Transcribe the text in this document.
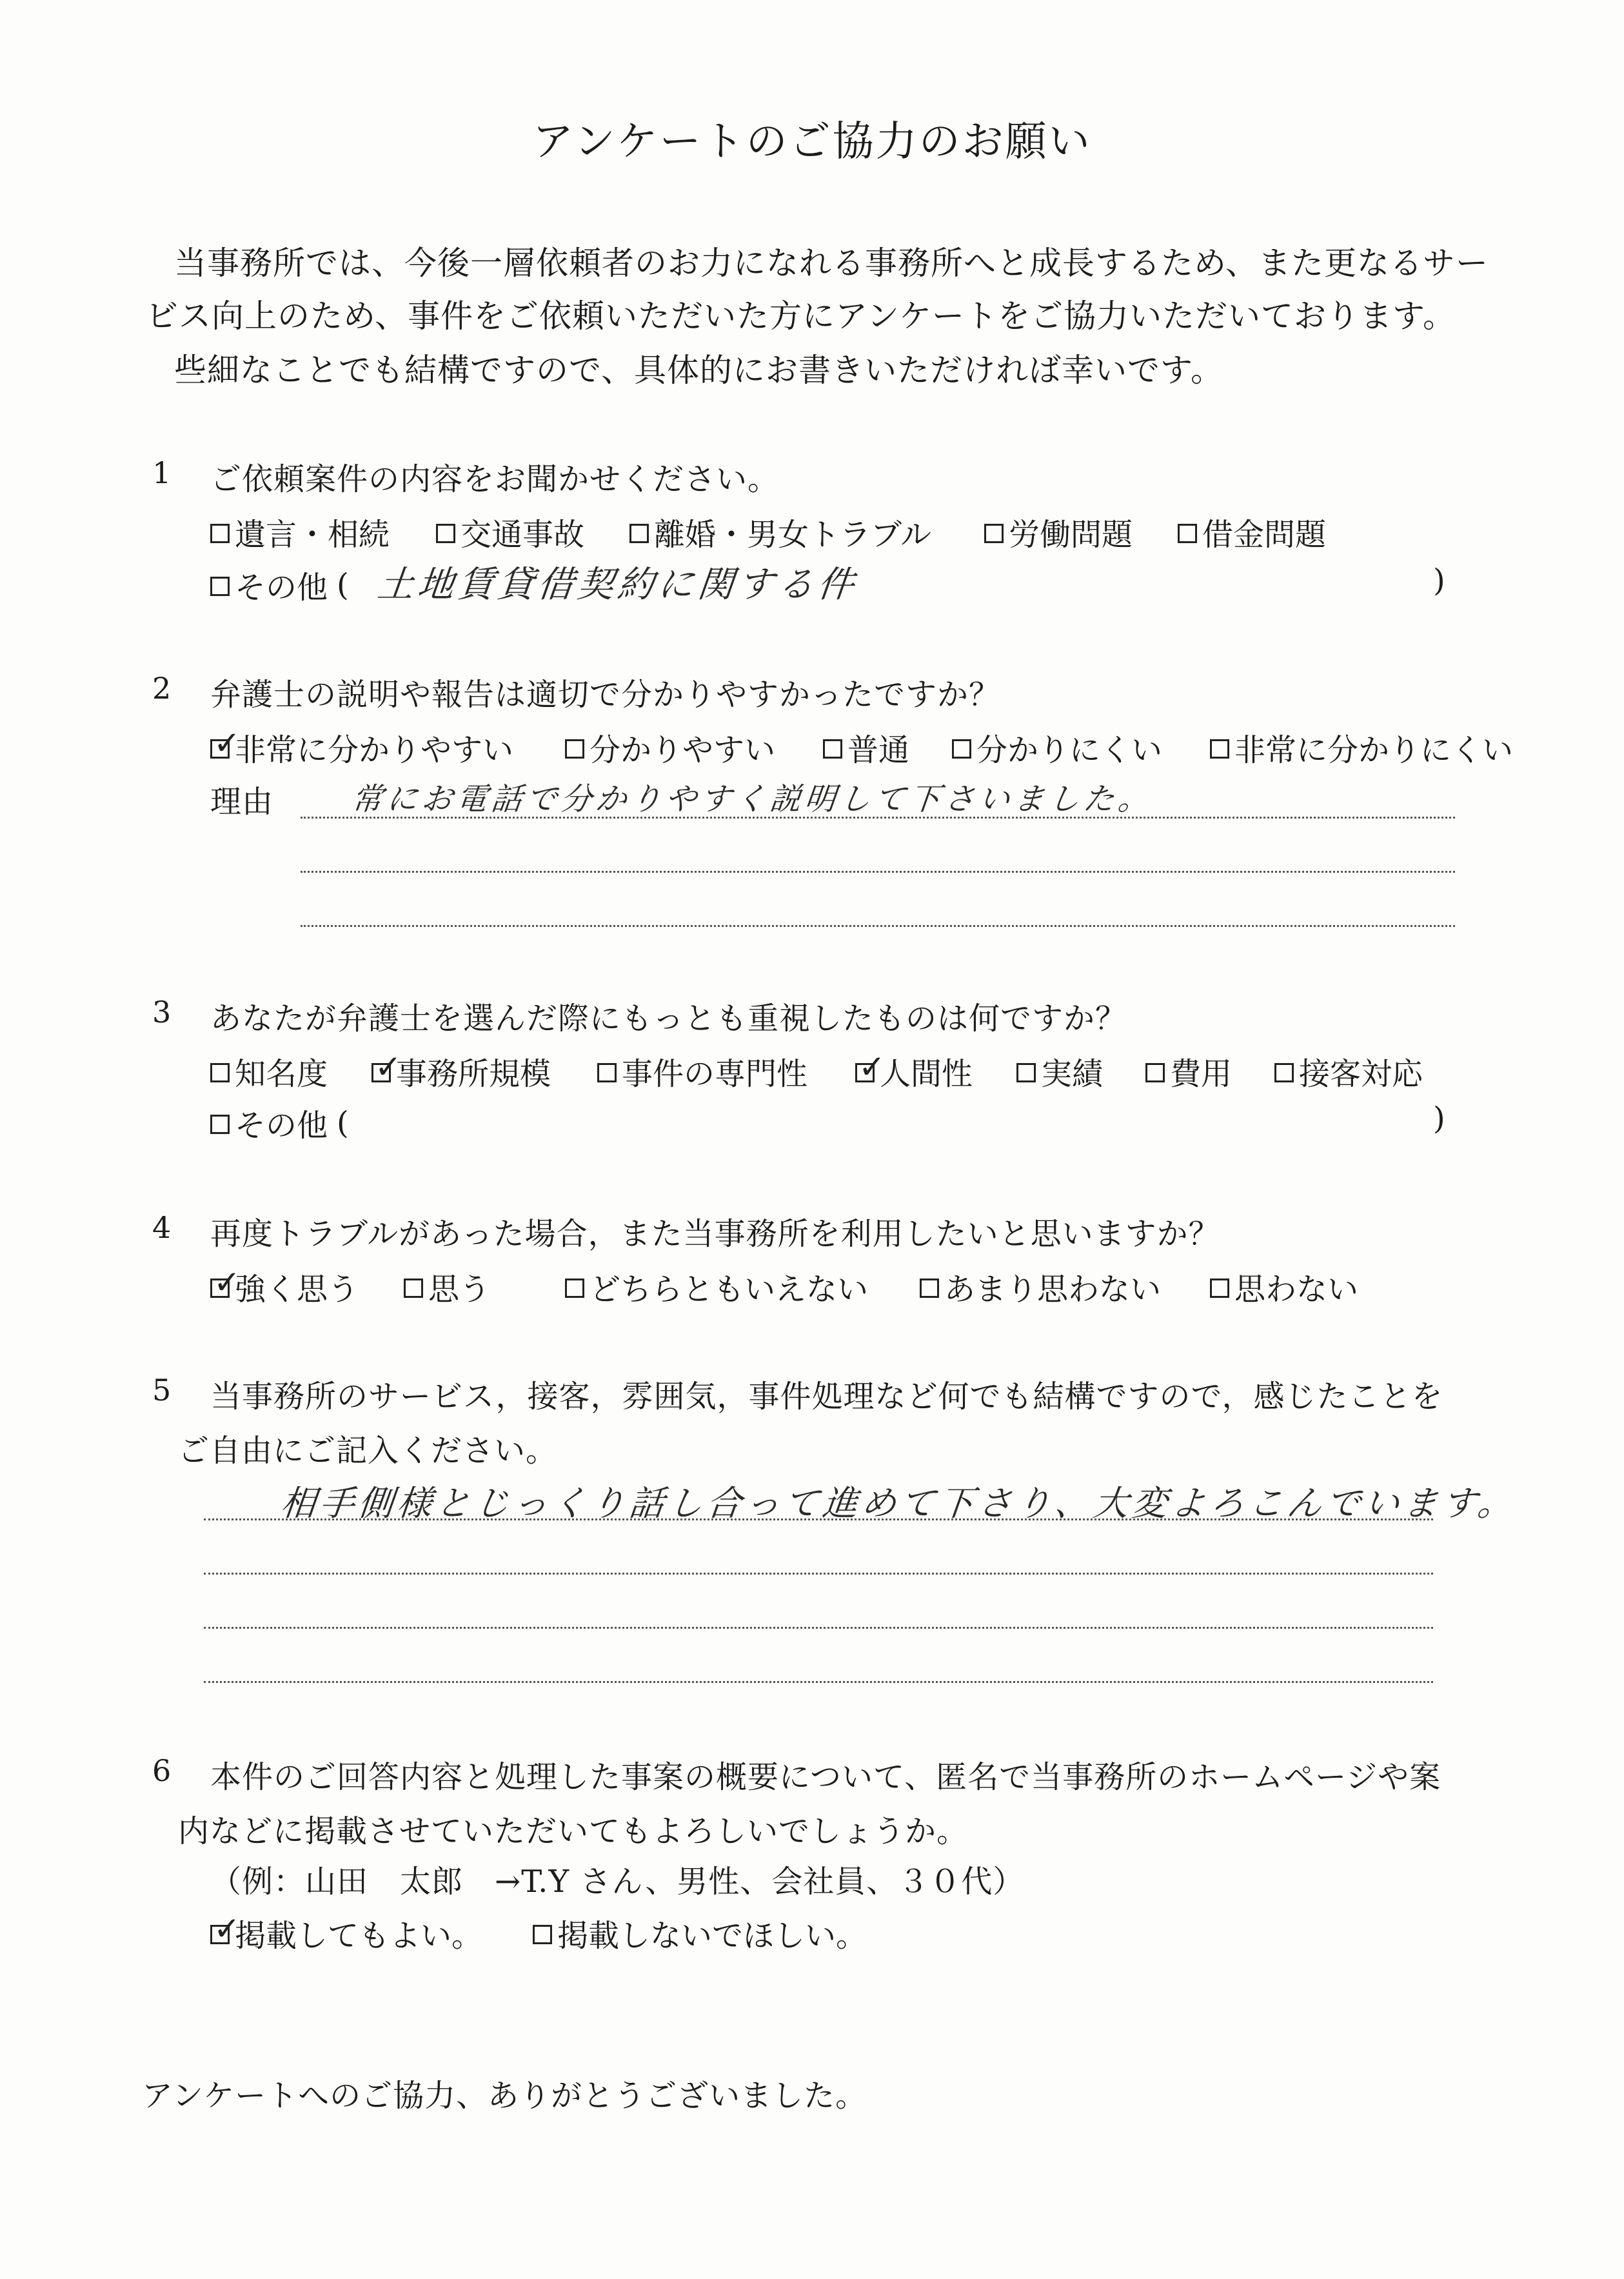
アンケートのご協力のお願い
当事務所では、今後一層依頼者のお力になれる事務所へと成長するため、また更なるサー
ビス向上のため、事件をご依頼いただいた方にアンケートをご協力いただいております。
些細なことでも結構ですので、具体的にお書きいただければ幸いです。
1 ご依頼案件の内容をお聞かせください。
遺言・相続 交通事故 離婚・男女トラブル 労働問題 借金問題
その他 ( 土地賃貸借契約に関する件	)
2 弁護士の説明や報告は適切で分かりやすかったですか？
✓
非常に分かりやすい 分かりやすい 普通 分かりにくい 非常に分かりにくい
理由 常にお電話で分かりやすく説明して下さいました。
3 あなたが弁護士を選んだ際にもっとも重視したものは何ですか？
知名度 ✓
事務所規模 事件の専門性 ✓
人間性 実績 費用 接客対応
その他 (	)
4 再度トラブルがあった場合，また当事務所を利用したいと思いますか？
✓
強く思う 思う	どちらともいえない あまり思わない 思わない
5 当事務所のサービス，接客，雰囲気，事件処理など何でも結構ですので，感じたことを
ご自由にご記入ください。
相手側様とじっくり話し合って進めて下さり、大変よろこんでいます。
6 本件のご回答内容と処理した事案の概要について、匿名で当事務所のホームページや案
内などに掲載させていただいてもよろしいでしょうか。
（例：山田　太郎　→T.Y さん、男性、会社員、３０代）
✓
掲載してもよい。 掲載しないでほしい。
アンケートへのご協力、ありがとうございました。
